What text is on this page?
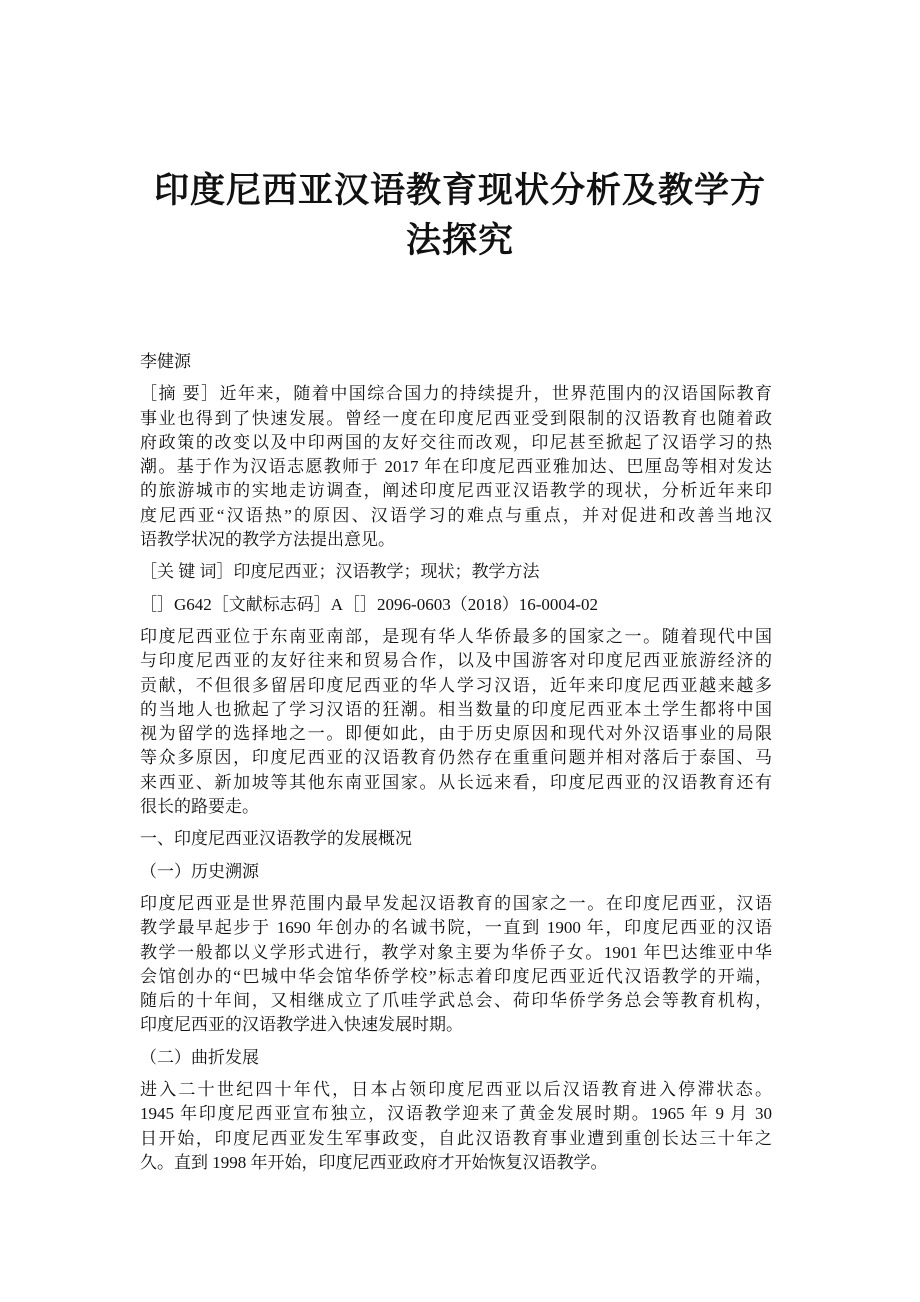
印度尼西亚汉语教育现状分析及教学方
法探究
李健源
［摘 要］近年来，随着中国综合国力的持续提升，世界范围内的汉语国际教育
事业也得到了快速发展。曾经一度在印度尼西亚受到限制的汉语教育也随着政
府政策的改变以及中印两国的友好交往而改观，印尼甚至掀起了汉语学习的热
潮。基于作为汉语志愿教师于 2017 年在印度尼西亚雅加达、巴厘岛等相对发达
的旅游城市的实地走访调查，阐述印度尼西亚汉语教学的现状，分析近年来印
度尼西亚“汉语热”的原因、汉语学习的难点与重点，并对促进和改善当地汉
语教学状况的教学方法提出意见。
［关 键 词］印度尼西亚；汉语教学；现状；教学方法
［］G642［文献标志码］A［］2096-0603（2018）16-0004-02
印度尼西亚位于东南亚南部，是现有华人华侨最多的国家之一。随着现代中国
与印度尼西亚的友好往来和贸易合作，以及中国游客对印度尼西亚旅游经济的
贡献，不但很多留居印度尼西亚的华人学习汉语，近年来印度尼西亚越来越多
的当地人也掀起了学习汉语的狂潮。相当数量的印度尼西亚本土学生都将中国
视为留学的选择地之一。即便如此，由于历史原因和现代对外汉语事业的局限
等众多原因，印度尼西亚的汉语教育仍然存在重重问题并相对落后于泰国、马
来西亚、新加坡等其他东南亚国家。从长远来看，印度尼西亚的汉语教育还有
很长的路要走。
一、印度尼西亚汉语教学的发展概况
（一）历史溯源
印度尼西亚是世界范围内最早发起汉语教育的国家之一。在印度尼西亚，汉语
教学最早起步于 1690 年创办的名诚书院，一直到 1900 年，印度尼西亚的汉语
教学一般都以义学形式进行，教学对象主要为华侨子女。1901 年巴达维亚中华
会馆创办的“巴城中华会馆华侨学校”标志着印度尼西亚近代汉语教学的开端，
随后的十年间，又相继成立了爪哇学武总会、荷印华侨学务总会等教育机构，
印度尼西亚的汉语教学进入快速发展时期。
（二）曲折发展
进入二十世纪四十年代，日本占领印度尼西亚以后汉语教育进入停滞状态。
1945 年印度尼西亚宣布独立，汉语教学迎来了黄金发展时期。1965 年 9 月 30
日开始，印度尼西亚发生军事政变，自此汉语教育事业遭到重创长达三十年之
久。直到 1998 年开始，印度尼西亚政府才开始恢复汉语教学。
